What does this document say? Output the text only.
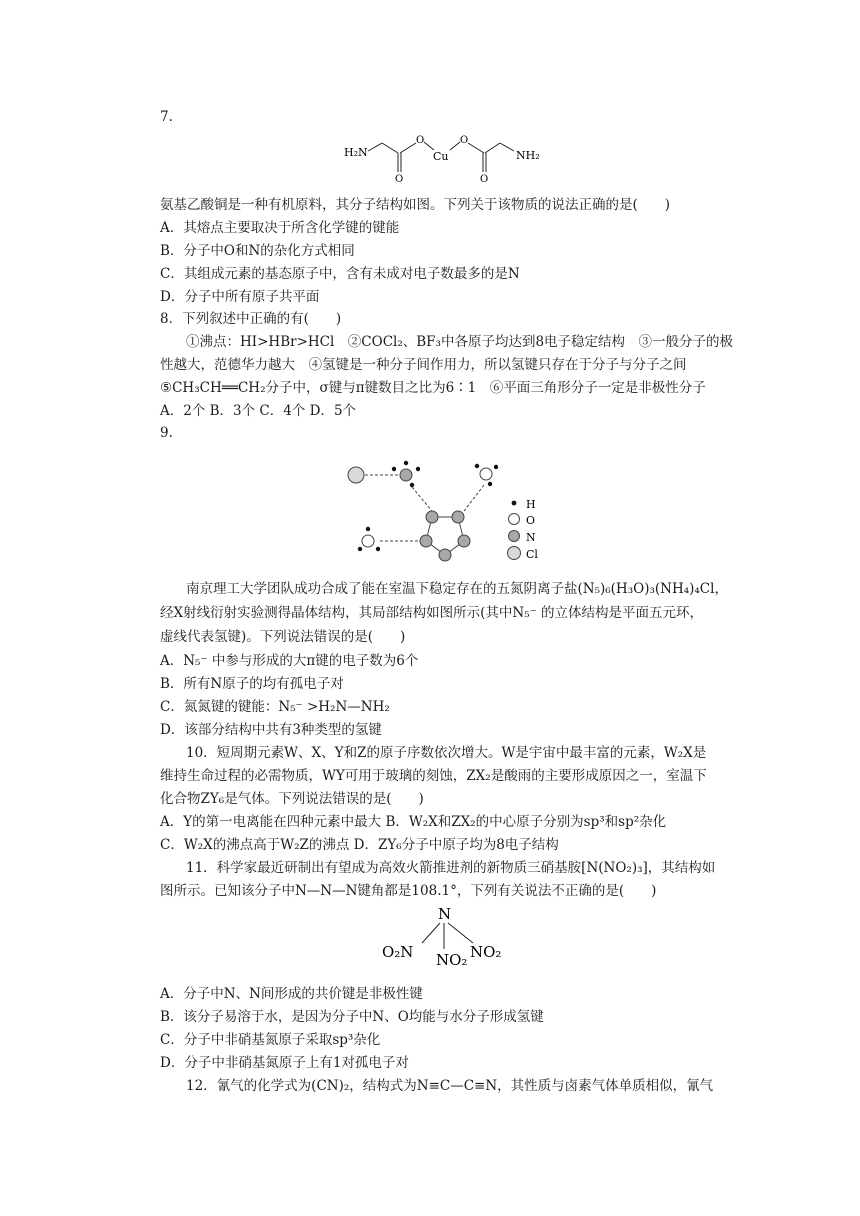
7.
H₂N
O
O
Cu
O
O
NH₂
氨基乙酸铜是一种有机原料，其分子结构如图。下列关于该物质的说法正确的是(　　)
A．其熔点主要取决于所含化学键的键能
B．分子中O和N的杂化方式相同
C．其组成元素的基态原子中，含有未成对电子数最多的是N
D．分子中所有原子共平面
8．下列叙述中正确的有(　　)
①沸点：HI>HBr>HCl　②COCl₂、BF₃中各原子均达到8电子稳定结构　③一般分子的极
性越大，范德华力越大　④氢键是一种分子间作用力，所以氢键只存在于分子与分子之间
⑤CH₃CH══CH₂分子中，σ键与π键数目之比为6∶1　⑥平面三角形分子一定是非极性分子
A．2个 B．3个 C．4个 D．5个
9.
H
O
N
Cl
南京理工大学团队成功合成了能在室温下稳定存在的五氮阴离子盐(N₅)₆(H₃O)₃(NH₄)₄Cl，
经X射线衍射实验测得晶体结构，其局部结构如图所示(其中N₅⁻ 的立体结构是平面五元环，
虚线代表氢键)。下列说法错误的是(　　)
A．N₅⁻ 中参与形成的大π键的电子数为6个
B．所有N原子的均有孤电子对
C．氮氮键的键能：N₅⁻ >H₂N—NH₂
D．该部分结构中共有3种类型的氢键
10．短周期元素W、X、Y和Z的原子序数依次增大。W是宇宙中最丰富的元素，W₂X是
维持生命过程的必需物质，WY可用于玻璃的刻蚀，ZX₂是酸雨的主要形成原因之一，室温下
化合物ZY₆是气体。下列说法错误的是(　　)
A．Y的第一电离能在四种元素中最大 B．W₂X和ZX₂的中心原子分别为sp³和sp²杂化
C．W₂X的沸点高于W₂Z的沸点 D．ZY₆分子中原子均为8电子结构
11．科学家最近研制出有望成为高效火箭推进剂的新物质三硝基胺[N(NO₂)₃]，其结构如
图所示。已知该分子中N—N—N键角都是108.1°，下列有关说法不正确的是(　　)
N
O₂N NO₂ NO₂
A．分子中N、N间形成的共价键是非极性键
B．该分子易溶于水，是因为分子中N、O均能与水分子形成氢键
C．分子中非硝基氮原子采取sp³杂化
D．分子中非硝基氮原子上有1对孤电子对
12．氰气的化学式为(CN)₂，结构式为N≡C—C≡N，其性质与卤素气体单质相似，氰气
